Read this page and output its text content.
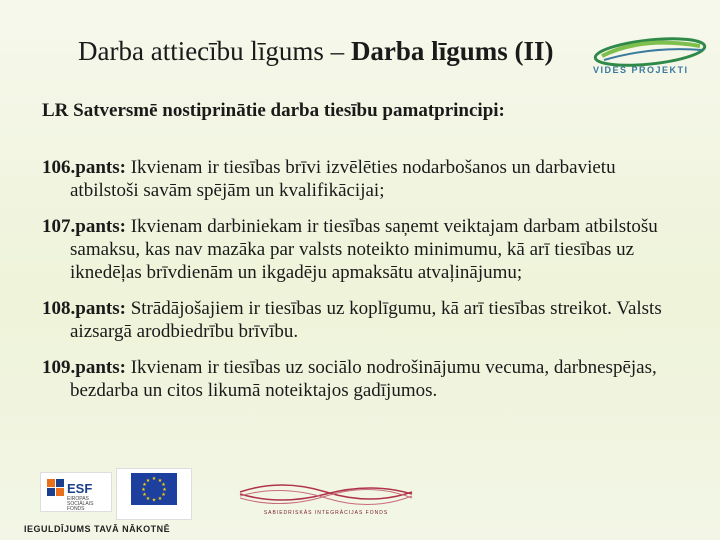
Darba attiecību līgums – Darba līgums (II)
VIDES PROJEKTI

LR Satversmē nostiprinātie darba tiesību pamatprincipi:

106.pants: Ikvienam ir tiesības brīvi izvēlēties nodarbošanos un darbavietu atbilstoši savām spējām un kvalifikācijai;

107.pants: Ikvienam darbiniekam ir tiesības saņemt veiktajam darbam atbilstošu samaksu, kas nav mazāka par valsts noteikto minimumu, kā arī tiesības uz iknedēļas brīvdienām un ikgadēju apmaksātu atvaļinājumu;

108.pants: Strādājošajiem ir tiesības uz koplīgumu, kā arī tiesības streikot. Valsts aizsargā arodbiedrību brīvību.

109.pants: Ikvienam ir tiesības uz sociālo nodrošinājumu vecuma, darbnespējas, bezdarba un citos likumā noteiktajos gadījumos.

ESF
EIROPAS SOCIĀLAIS FONDS
★ ★
★
★
★
★
★
★
★
★
★
★
SABIEDRISKĀS INTEGRĀCIJAS FONDS
IEGULDĪJUMS TAVĀ NĀKOTNĒ
